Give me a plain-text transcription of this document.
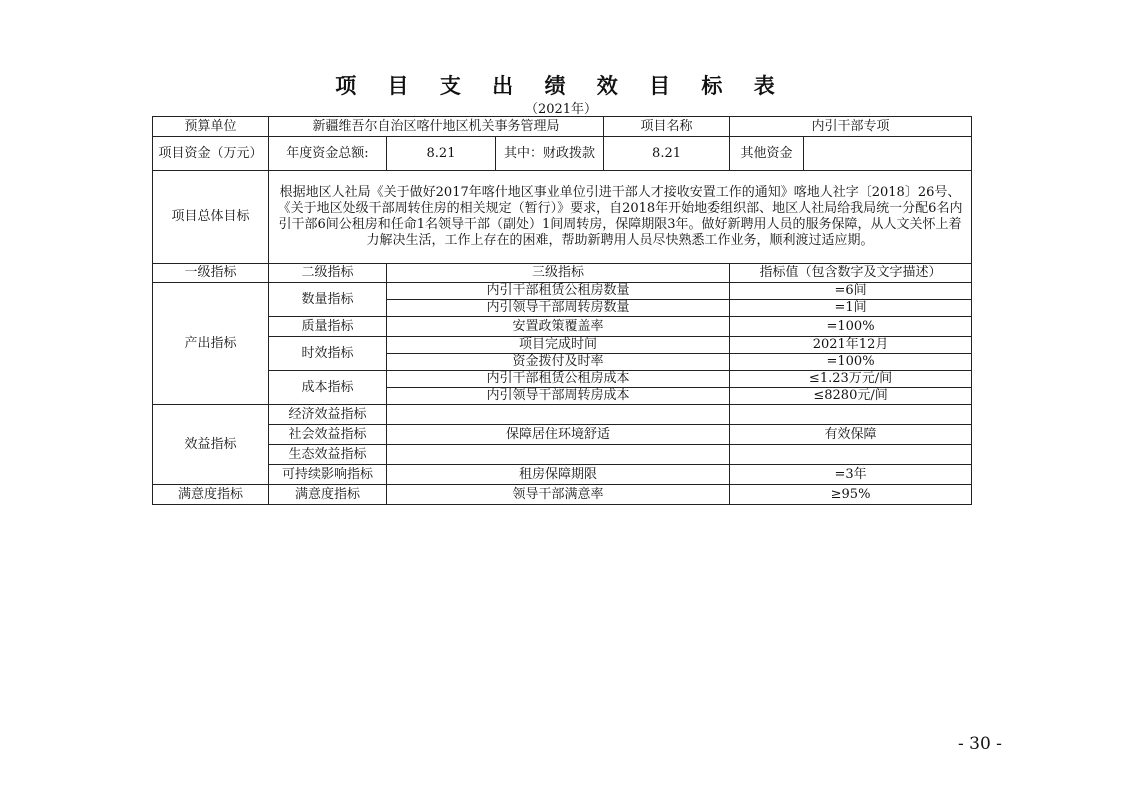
项 目 支 出 绩 效 目 标 表
（2021年）
预算单位	新疆维吾尔自治区喀什地区机关事务管理局			项目名称	内引干部专项	
项目资金（万元）	年度资金总额:	8.21	其中：财政拨款	8.21	其他资金	
项目总体目标	根据地区人社局《关于做好2017年喀什地区事业单位引进干部人才接收安置工作的通知》喀地人社字〔2018〕26号、《关于地区处级干部周转住房的相关规定（暂行）》要求，自2018年开始地委组织部、地区人社局给我局统一分配6名内引干部6间公租房和任命1名领导干部（副处）1间周转房，保障期限3年。做好新聘用人员的服务保障，从人文关怀上着力解决生活，工作上存在的困难，帮助新聘用人员尽快熟悉工作业务，顺利渡过适应期。					
一级指标	二级指标	三级指标			指标值（包含数字及文字描述）	
产出指标	数量指标	内引干部租赁公租房数量			=6间	
		内引领导干部周转房数量			=1间	
	质量指标	安置政策覆盖率			=100%	
	时效指标	项目完成时间			2021年12月	
		资金拨付及时率			=100%	
	成本指标	内引干部租赁公租房成本			≤1.23万元/间	
		内引领导干部周转房成本			≤8280元/间	
效益指标	经济效益指标					
	社会效益指标	保障居住环境舒适			有效保障	
	生态效益指标					
	可持续影响指标	租房保障期限			=3年	
满意度指标	满意度指标	领导干部满意率			≥95%	
- 30 -
